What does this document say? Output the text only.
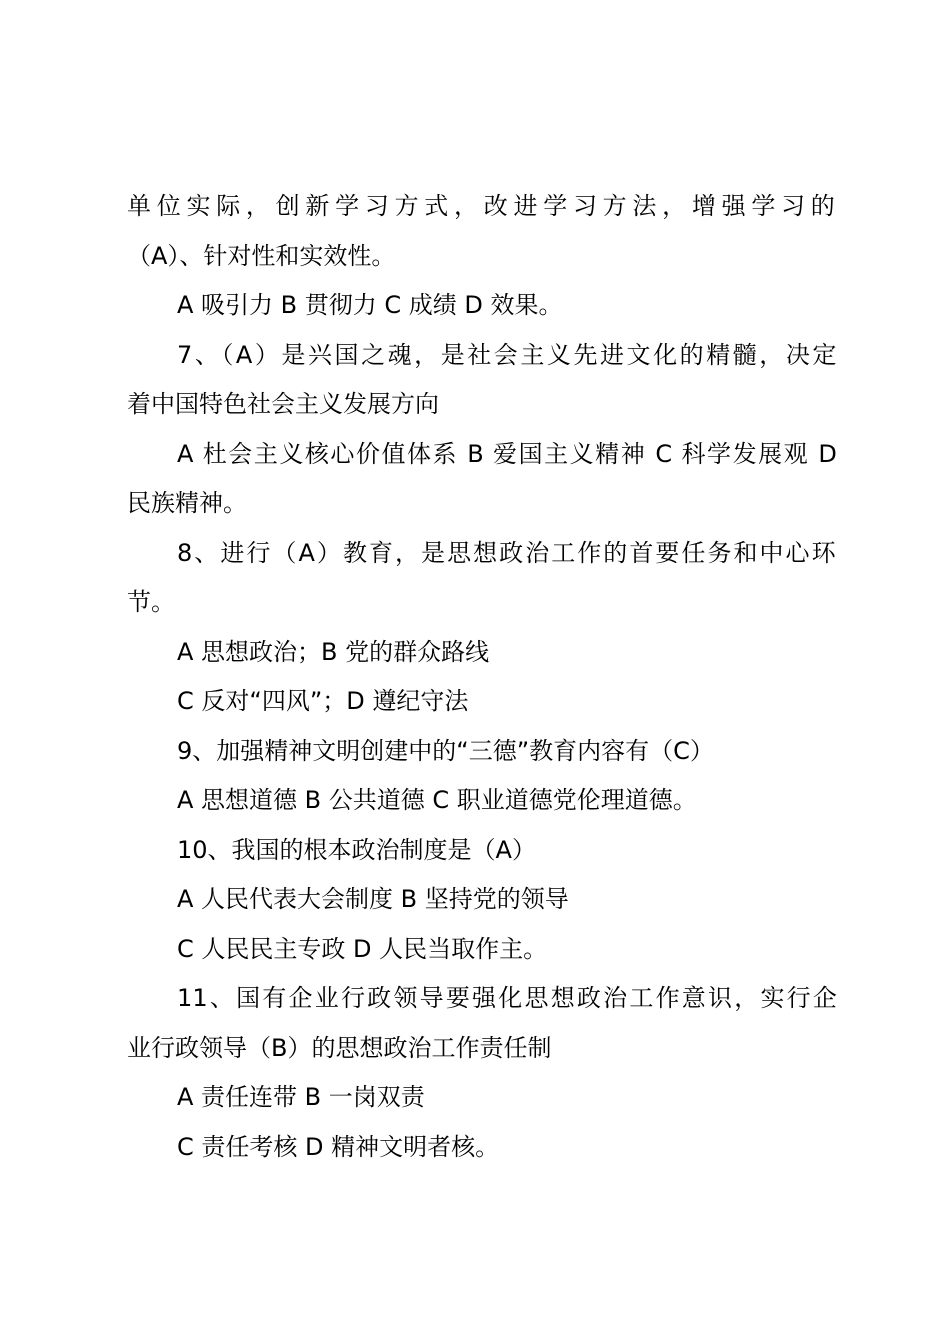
单位实际，创新学习方式，改进学习方法，增强学习的

（A）、针对性和实效性。

A 吸引力 B 贯彻力 C 成绩 D 效果。

7、（A）是兴国之魂，是社会主义先进文化的精髓，决定

着中国特色社会主义发展方向

A 杜会主义核心价值体系 B 爱国主义精神 C 科学发展观 D

民族精神。

8、进行（A）教育，是思想政治工作的首要任务和中心环

节。

A 思想政治；B 党的群众路线

C 反对“四风”；D 遵纪守法

9、加强精神文明创建中的“三德”教育内容有（C）

A 思想道德 B 公共道德 C 职业道德党伦理道德。

10、我国的根本政治制度是（A）

A 人民代表大会制度 B 坚持党的领导

C 人民民主专政 D 人民当取作主。

11、国有企业行政领导要强化思想政治工作意识，实行企

业行政领导（B）的思想政治工作责任制

A 责任连带 B 一岗双责

C 责任考核 D 精神文明者核。
